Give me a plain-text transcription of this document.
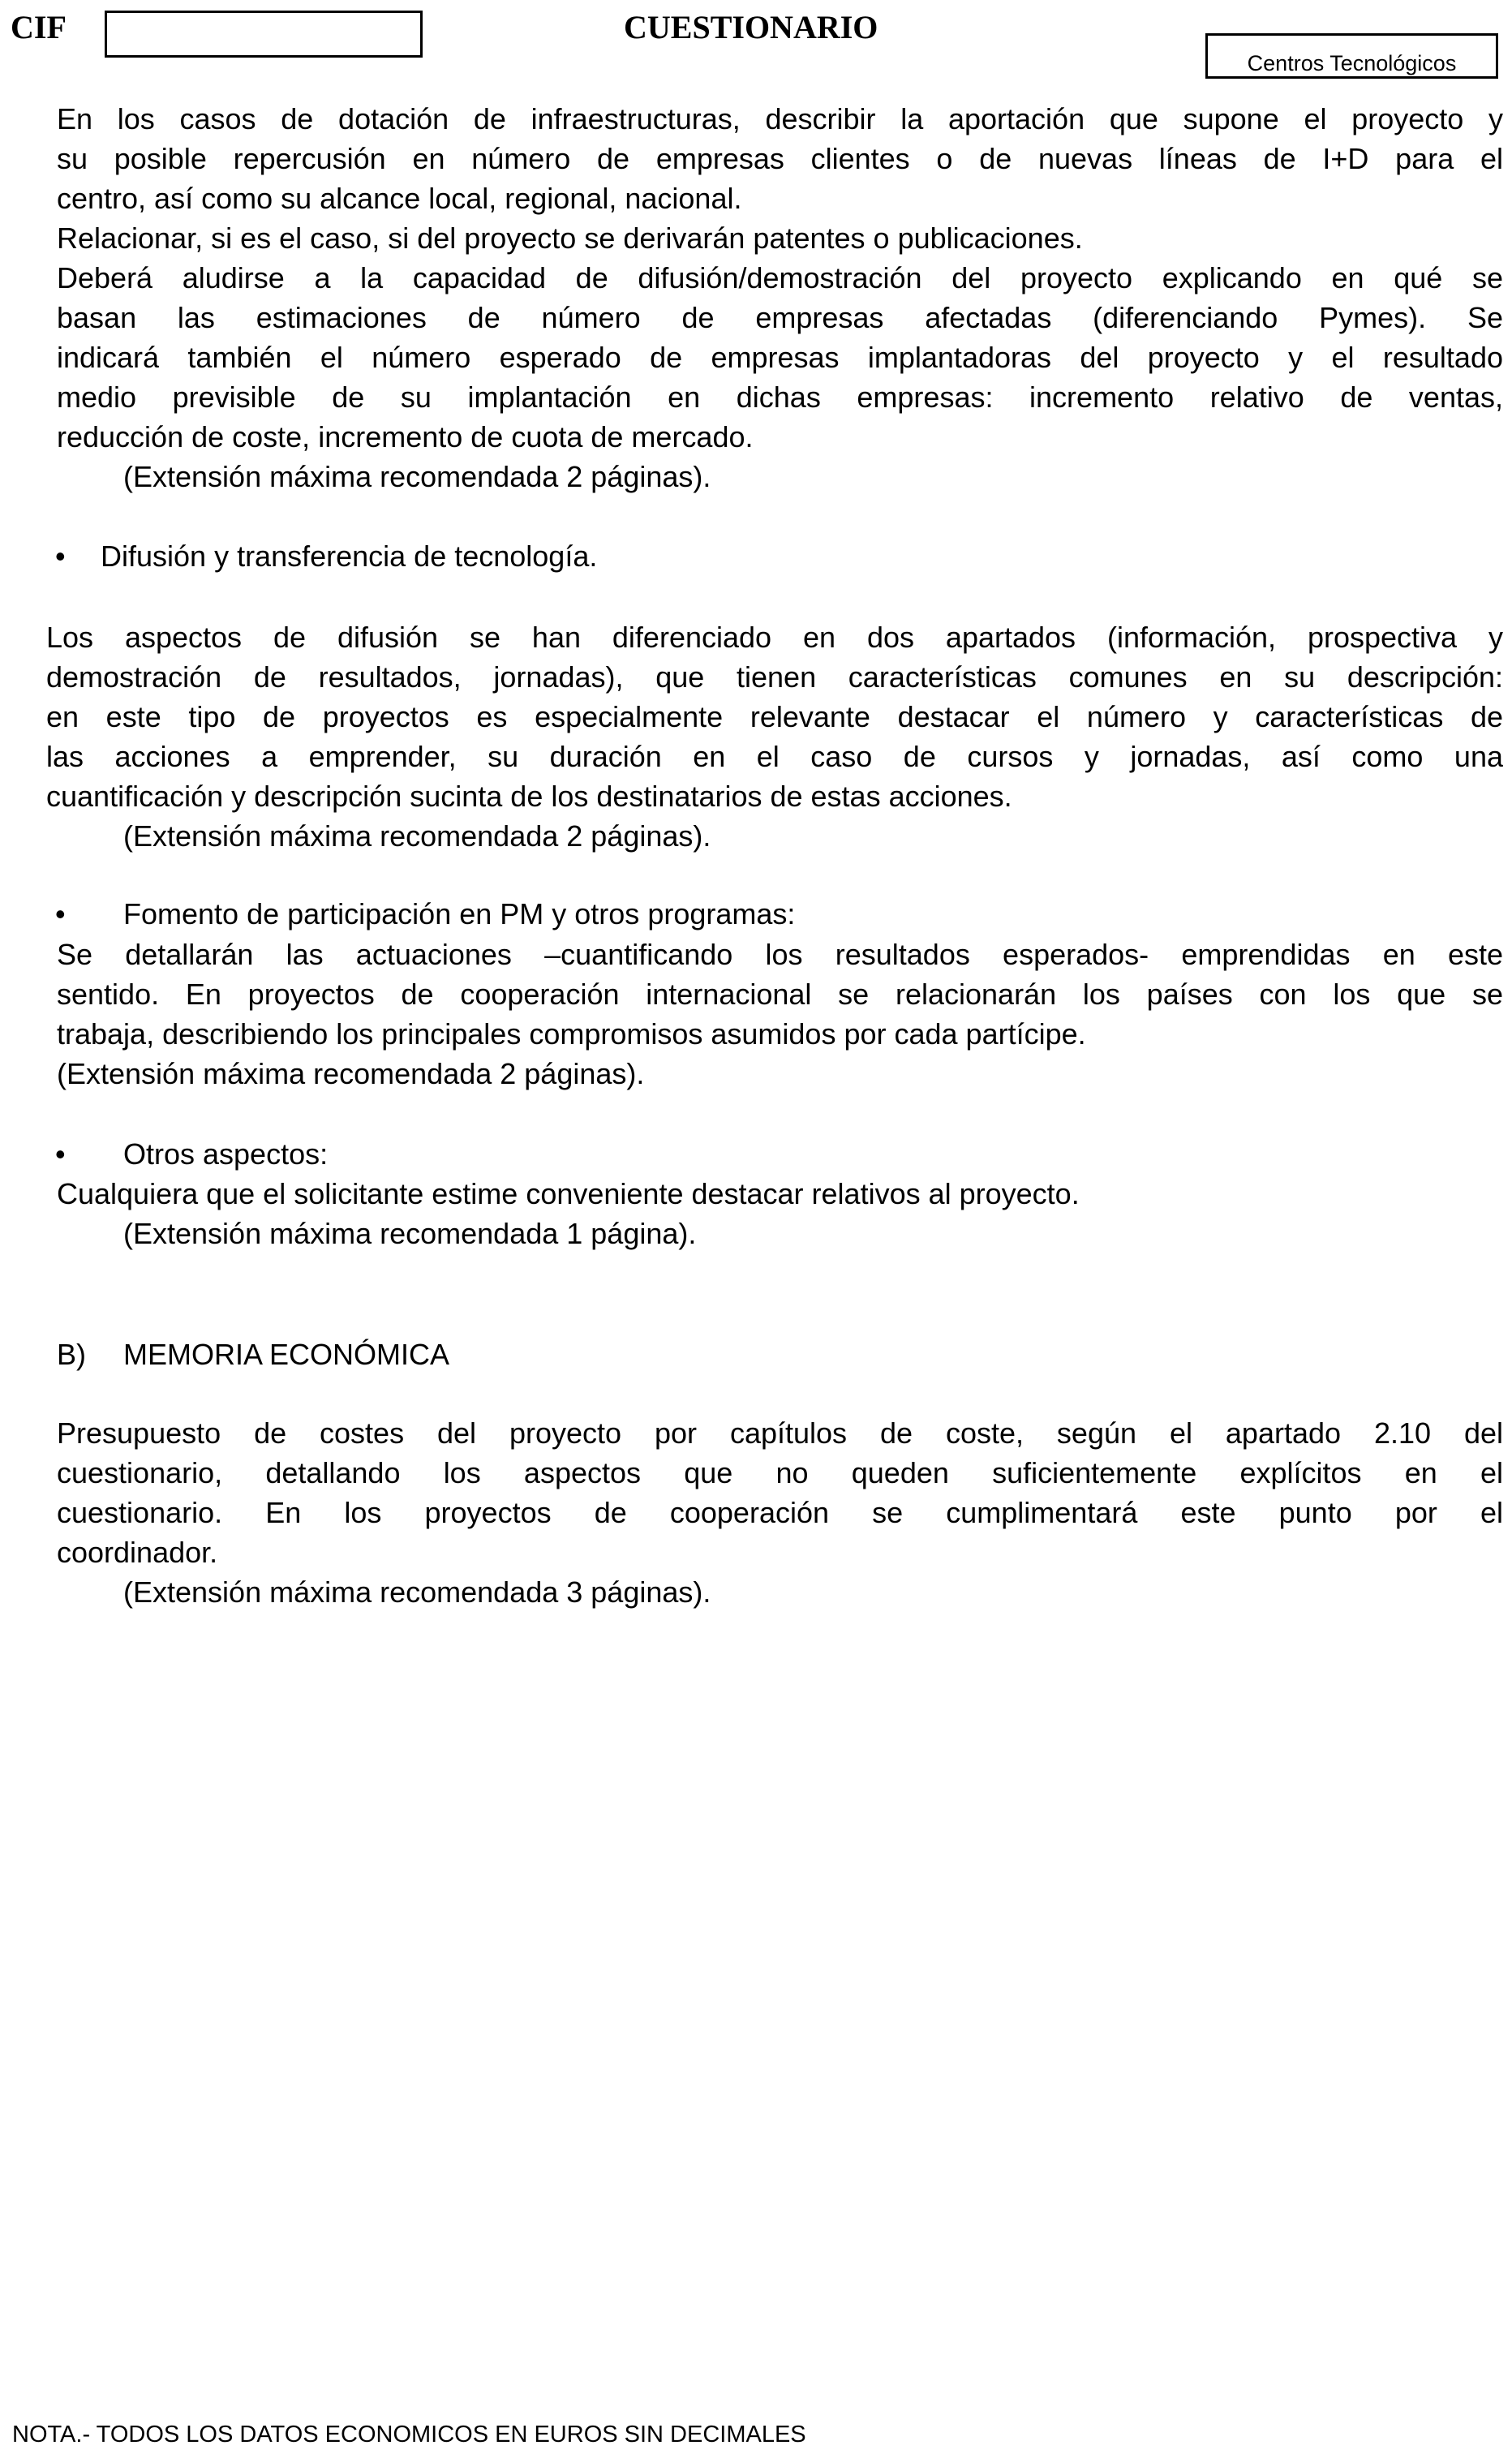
CIF	CUESTIONARIO
Centros Tecnológicos
En los casos de dotación de infraestructuras, describir la aportación que supone el proyecto y
su posible repercusión en número de empresas clientes o de nuevas líneas de I+D para el
centro, así como su alcance local, regional, nacional.
Relacionar, si es el caso, si del proyecto se derivarán patentes o publicaciones.
Deberá aludirse a la capacidad de difusión/demostración del proyecto explicando en qué se
basan las estimaciones de número de empresas afectadas (diferenciando Pymes). Se
indicará también el número esperado de empresas implantadoras del proyecto y el resultado
medio previsible de su implantación en dichas empresas: incremento relativo de ventas,
reducción de coste, incremento de cuota de mercado.
(Extensión máxima recomendada 2 páginas).
• Difusión y transferencia de tecnología.
Los aspectos de difusión se han diferenciado en dos apartados (información, prospectiva y
demostración de resultados, jornadas), que tienen características comunes en su descripción:
en este tipo de proyectos es especialmente relevante destacar el número y características de
las acciones a emprender, su duración en el caso de cursos y jornadas, así como una
cuantificación y descripción sucinta de los destinatarios de estas acciones.
(Extensión máxima recomendada 2 páginas).
• Fomento de participación en PM y otros programas:
Se detallarán las actuaciones –cuantificando los resultados esperados- emprendidas en este
sentido. En proyectos de cooperación internacional se relacionarán los países con los que se
trabaja, describiendo los principales compromisos asumidos por cada partícipe.
(Extensión máxima recomendada 2 páginas).
• Otros aspectos:
Cualquiera que el solicitante estime conveniente destacar relativos al proyecto.
(Extensión máxima recomendada 1 página).
B)	MEMORIA ECONÓMICA
Presupuesto de costes del proyecto por capítulos de coste, según el apartado 2.10 del
cuestionario, detallando los aspectos que no queden suficientemente explícitos en el
cuestionario. En los proyectos de cooperación se cumplimentará este punto por el
coordinador.
(Extensión máxima recomendada 3 páginas).
NOTA.- TODOS LOS DATOS ECONOMICOS EN EUROS SIN DECIMALES
